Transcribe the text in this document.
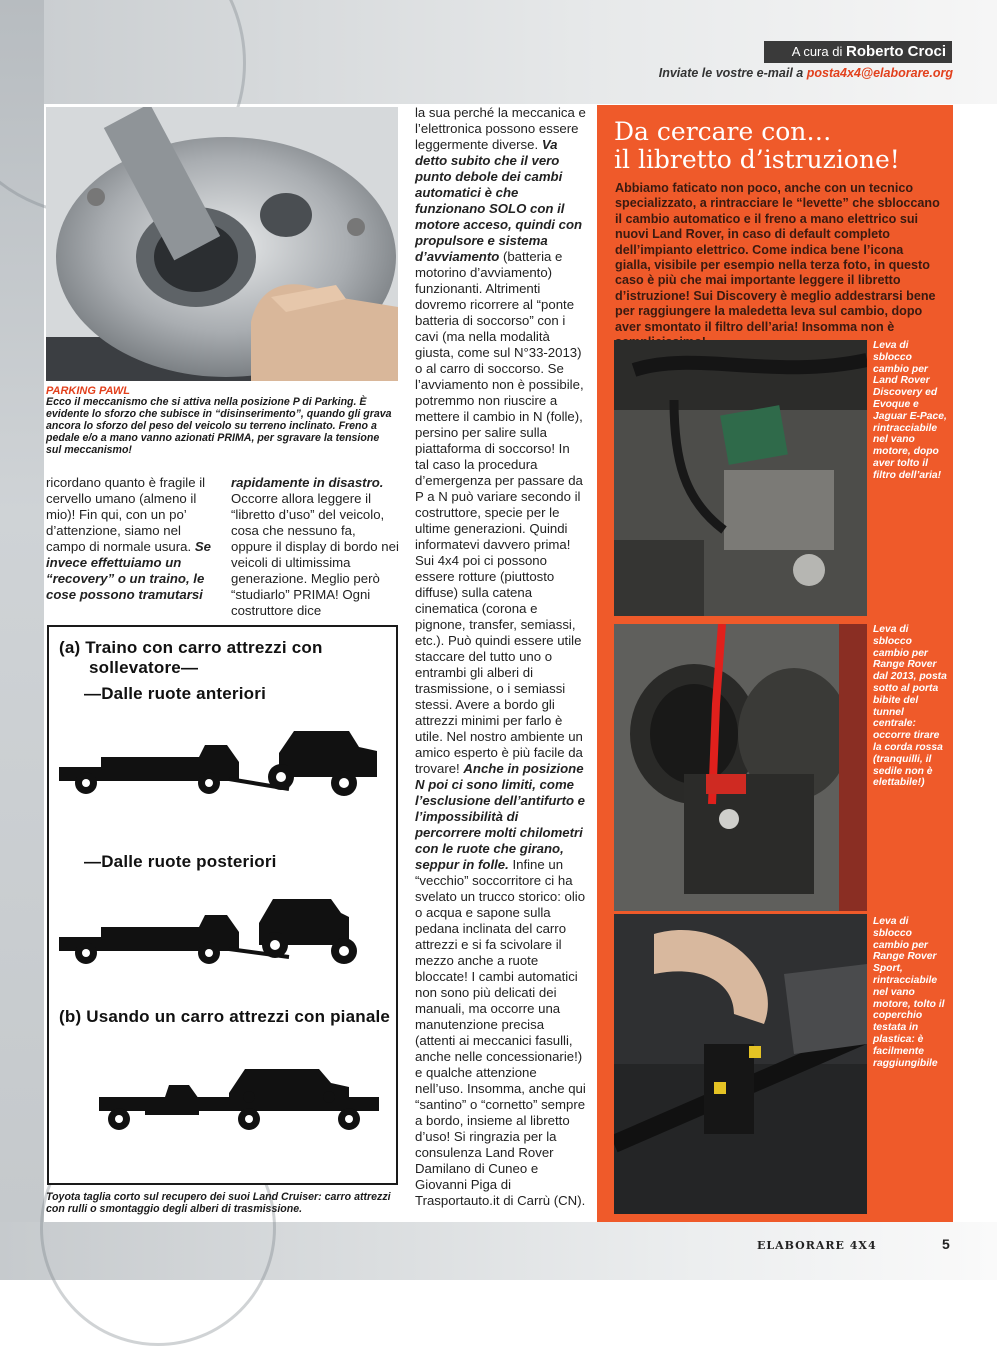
A cura di Roberto Croci
Inviate le vostre e-mail a posta4x4@elaborare.org
PARKING PAWL
Ecco il meccanismo che si attiva nella posizione P di Parking. È evidente lo sforzo che subisce in “disinserimento”, quando gli grava ancora lo sforzo del peso del veicolo su terreno inclinato. Freno a pedale e/o a mano vanno azionati PRIMA, per sgravare la tensione sul meccanismo!

ricordano quanto è fragile il cervello umano (almeno il mio)! Fin qui, con un po’ d’attenzione, siamo nel campo di normale usura. Se invece effettuiamo un “recovery” o un traino, le cose possono tramutarsi

rapidamente in disastro. Occorre allora leggere il “libretto d’uso” del veicolo, cosa che nessuno fa, oppure il display di bordo nei veicoli di ultimissima generazione. Meglio però “studiarlo” PRIMA! Ogni costruttore dice

(a) Traino con carro attrezzi con
sollevatore—
—Dalle ruote anteriori
—Dalle ruote posteriori
(b) Usando un carro attrezzi con pianale
Toyota taglia corto sul recupero dei suoi Land Cruiser: carro attrezzi con rulli o smontaggio degli alberi di trasmissione.

la sua perché la meccanica e l’elettronica possono essere leggermente diverse. Va detto subito che il vero punto debole dei cambi automatici è che funzionano SOLO con il motore acceso, quindi con propulsore e sistema d’avviamento (batteria e motorino d’avviamento) funzionanti. Altrimenti dovremo ricorrere al “ponte batteria di soccorso” con i cavi (ma nella modalità giusta, come sul N°33-2013) o al carro di soccorso. Se l’avviamento non è possibile, potremmo non riuscire a mettere il cambio in N (folle), persino per salire sulla piattaforma di soccorso! In tal caso la procedura d’emergenza per passare da P a N può variare secondo il costruttore, specie per le ultime generazioni. Quindi informatevi davvero prima! Sui 4x4 poi ci possono essere rotture (piuttosto diffuse) sulla catena cinematica (corona e pignone, transfer, semiassi, etc.). Può quindi essere utile staccare del tutto uno o entrambi gli alberi di trasmissione, o i semiassi stessi. Avere a bordo gli attrezzi minimi per farlo è utile. Nel nostro ambiente un amico esperto è più facile da trovare! Anche in posizione N poi ci sono limiti, come l’esclusione dell’antifurto e l’impossibilità di percorrere molti chilometri con le ruote che girano, seppur in folle. Infine un “vecchio” soccorritore ci ha svelato un trucco storico: olio o acqua e sapone sulla pedana inclinata del carro attrezzi e si fa scivolare il mezzo anche a ruote bloccate! I cambi automatici non sono più delicati dei manuali, ma occorre una manutenzione precisa (attenti ai meccanici fasulli, anche nelle concessionarie!) e qualche attenzione nell’uso. Insomma, anche qui “santino” o “cornetto” sempre a bordo, insieme al libretto d’uso! Si ringrazia per la consulenza Land Rover Damilano di Cuneo e Giovanni Piga di Trasportauto.it di Carrù (CN).

Da cercare con…
il libretto d’istruzione!
Abbiamo faticato non poco, anche con un tecnico specializzato, a rintracciare le “levette” che sbloccano il cambio automatico e il freno a mano elettrico sui nuovi Land Rover, in caso di default completo dell’impianto elettrico. Come indica bene l’icona gialla, visibile per esempio nella terza foto, in questo caso è più che mai importante leggere il libretto d’istruzione! Sui Discovery è meglio addestrarsi bene per raggiungere la maledetta leva sul cambio, dopo aver smontato il filtro dell’aria! Insomma non è
Leva di sblocco cambio per Land Rover Discovery ed Evoque e Jaguar E-Pace, rintracciabile nel vano motore, dopo aver tolto il filtro dell’aria!
Leva di sblocco cambio per Range Rover dal 2013, posta sotto al porta bibite del tunnel centrale: occorre tirare la corda rossa (tranquilli, il sedile non è elettabile!)
Leva di sblocco cambio per Range Rover Sport, rintracciabile nel vano motore, tolto il coperchio testata in plastica: è facilmente raggiungibile
ELABORARE 4X4	5
